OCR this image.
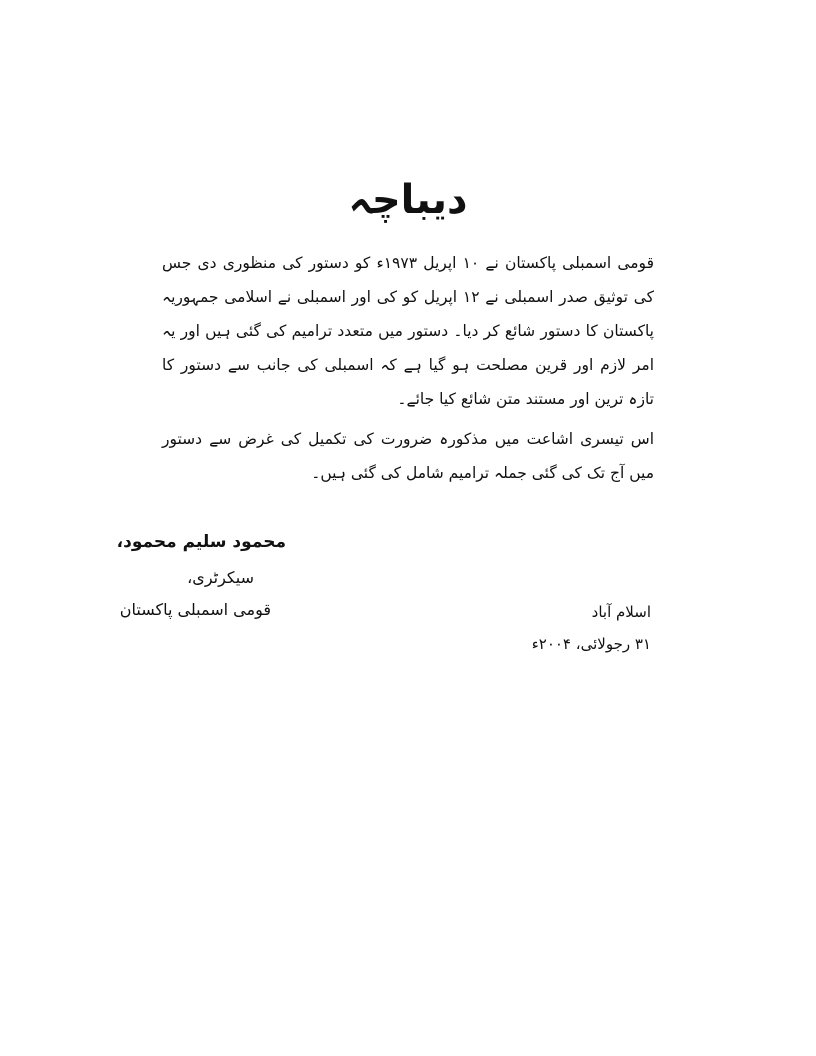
دیباچہ

قومی اسمبلی پاکستان نے ۱۰ اپریل ۱۹۷۳ء کو دستور کی منظوری دی جس کی توثیق صدر اسمبلی نے ۱۲ اپریل کو کی اور اسمبلی نے اسلامی جمہوریہ پاکستان کا دستور شائع کر دیا۔ دستور میں متعدد ترامیم کی گئی ہیں اور یہ امر لازم اور قرین مصلحت ہو گیا ہے کہ اسمبلی کی جانب سے دستور کا تازہ ترین اور مستند متن شائع کیا جائے۔

اس تیسری اشاعت میں مذکورہ ضرورت کی تکمیل کی غرض سے دستور میں آج تک کی گئی جملہ ترامیم شامل کی گئی ہیں۔

محمود سلیم محمود،
سیکرٹری،
قومی اسمبلی پاکستان	اسلام آباد
۳۱ رجولائی، ۲۰۰۴ء
